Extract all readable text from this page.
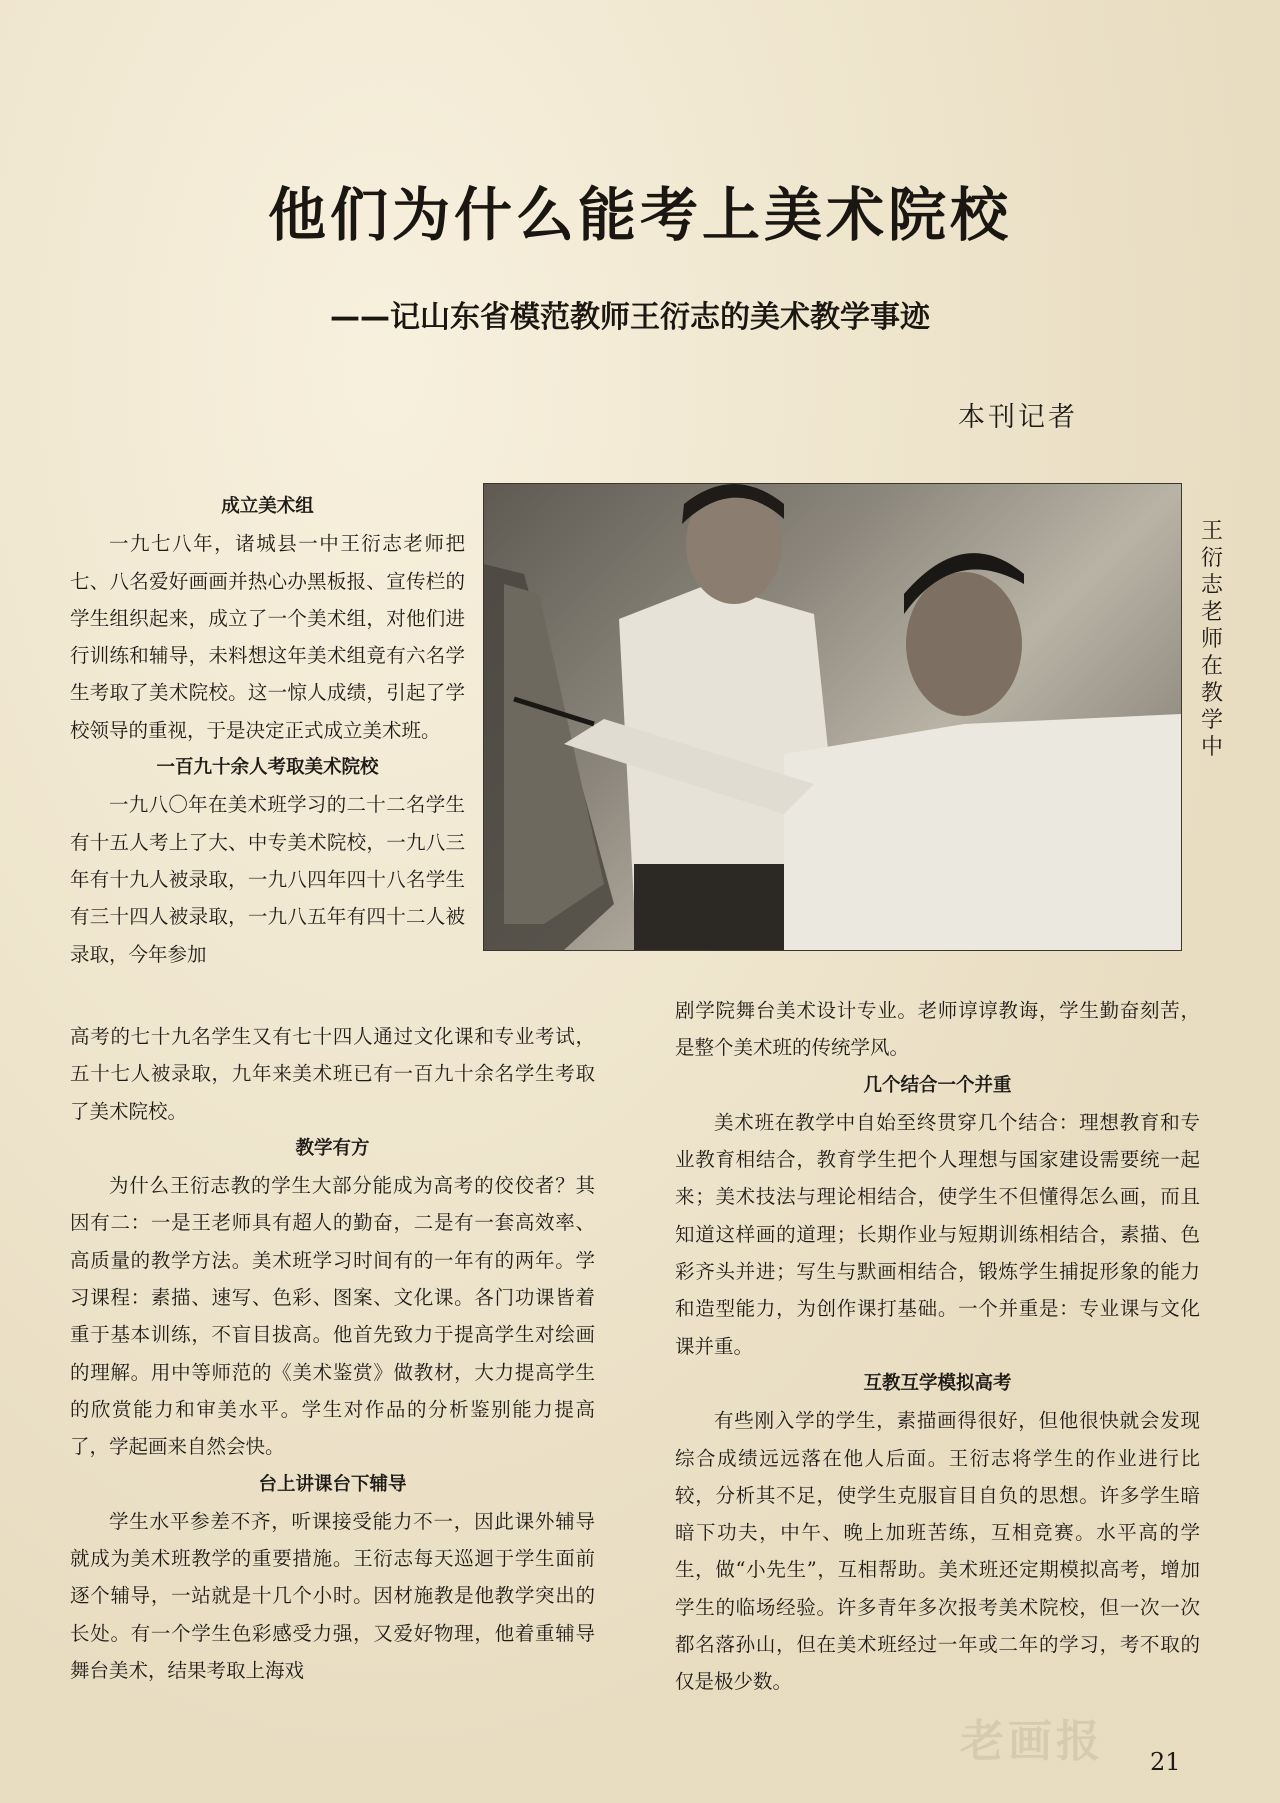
他们为什么能考上美术院校
——记山东省模范教师王衍志的美术教学事迹
本刊记者
王衍志老师在教学中
成立美术组

一九七八年，诸城县一中王衍志老师把七、八名爱好画画并热心办黑板报、宣传栏的学生组织起来，成立了一个美术组，对他们进行训练和辅导，未料想这年美术组竟有六名学生考取了美术院校。这一惊人成绩，引起了学校领导的重视，于是决定正式成立美术班。

一百九十余人考取美术院校

一九八〇年在美术班学习的二十二名学生有十五人考上了大、中专美术院校，一九八三年有十九人被录取，一九八四年四十八名学生有三十四人被录取，一九八五年有四十二人被录取，今年参加

高考的七十九名学生又有七十四人通过文化课和专业考试，五十七人被录取，九年来美术班已有一百九十余名学生考取了美术院校。

教学有方

为什么王衍志教的学生大部分能成为高考的佼佼者？其因有二：一是王老师具有超人的勤奋，二是有一套高效率、高质量的教学方法。美术班学习时间有的一年有的两年。学习课程：素描、速写、色彩、图案、文化课。各门功课皆着重于基本训练，不盲目拔高。他首先致力于提高学生对绘画的理解。用中等师范的《美术鉴赏》做教材，大力提高学生的欣赏能力和审美水平。学生对作品的分析鉴别能力提高了，学起画来自然会快。

台上讲课台下辅导

学生水平参差不齐，听课接受能力不一，因此课外辅导就成为美术班教学的重要措施。王衍志每天巡迴于学生面前逐个辅导，一站就是十几个小时。因材施教是他教学突出的长处。有一个学生色彩感受力强，又爱好物理，他着重辅导舞台美术，结果考取上海戏

剧学院舞台美术设计专业。老师谆谆教诲，学生勤奋刻苦，是整个美术班的传统学风。

几个结合一个并重

美术班在教学中自始至终贯穿几个结合：理想教育和专业教育相结合，教育学生把个人理想与国家建设需要统一起来；美术技法与理论相结合，使学生不但懂得怎么画，而且知道这样画的道理；长期作业与短期训练相结合，素描、色彩齐头并进；写生与默画相结合，锻炼学生捕捉形象的能力和造型能力，为创作课打基础。一个并重是：专业课与文化课并重。

互教互学模拟高考

有些刚入学的学生，素描画得很好，但他很快就会发现综合成绩远远落在他人后面。王衍志将学生的作业进行比较，分析其不足，使学生克服盲目自负的思想。许多学生暗暗下功夫，中午、晚上加班苦练，互相竞赛。水平高的学生，做“小先生”，互相帮助。美术班还定期模拟高考，增加学生的临场经验。许多青年多次报考美术院校，但一次一次都名落孙山，但在美术班经过一年或二年的学习，考不取的仅是极少数。

老画报 21
